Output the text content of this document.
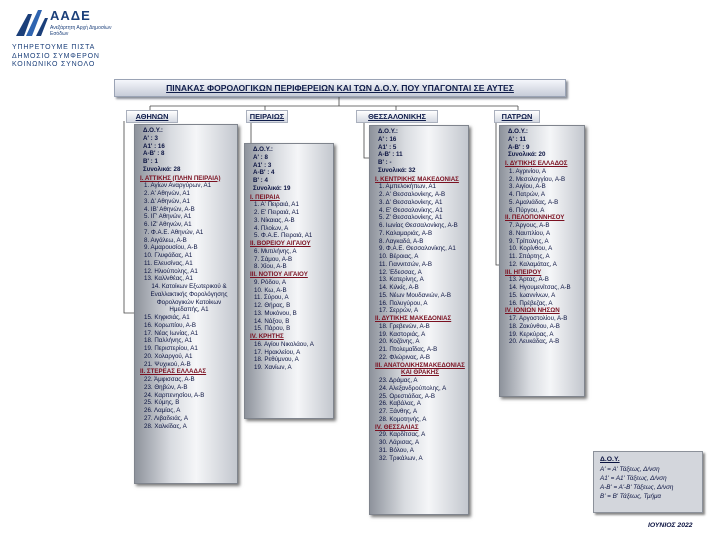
ΑΑΔΕ
Ανεξάρτητη Αρχή Δημοσίων Εσόδων
ΥΠΗΡΕΤΟΥΜΕ ΠΙΣΤΑ
ΔΗΜΟΣΙΟ ΣΥΜΦΕΡΟΝ
ΚΟΙΝΩΝΙΚΟ ΣΥΝΟΛΟ
ΠΙΝΑΚΑΣ ΦΟΡΟΛΟΓΙΚΩΝ ΠΕΡΙΦΕΡΕΙΩΝ ΚΑΙ ΤΩΝ Δ.Ο.Υ. ΠΟΥ ΥΠΑΓΟΝΤΑΙ ΣΕ ΑΥΤΕΣ
ΑΘΗΝΩΝ	ΠΕΙΡΑΙΩΣ	ΘΕΣΣΑΛΟΝΙΚΗΣ	ΠΑΤΡΩΝ
Δ.Ο.Υ.:
Α' : 3
Α1' : 16
Α-Β' : 8
Β' : 1
Συνολικά: 28
Ι. ΑΤΤΙΚΗΣ (ΠΛΗΝ ΠΕΙΡΑΙΑ)
1. Αγίων Αναργύρων, Α1
2. Α' Αθηνών, Α1
3. Δ' Αθηνών, Α1
4. ΙΒ' Αθηνών, Α-Β
5. ΙΓ' Αθηνών, Α1
6. ΙΖ' Αθηνών, Α1
7. Φ.Α.Ε. Αθηνών, Α1
8. Αιγάλεω, Α-Β
9. Αμαρουσίου, Α-Β
10. Γλυφάδας, Α1
11. Ελευσίνας, Α1
12. Ηλιούπολης, Α1
13. Καλλιθέας, Α1
14. Κατοίκων Εξωτερικού & Εναλλακτικής Φορολόγησης Φορολογικών Κατοίκων Ημεδαπής, Α1
15. Κηφισιάς, Α1
16. Κορωπίου, Α-Β
17. Νέας Ιωνίας, Α1
18. Παλλήνης, Α1
19. Περιστερίου, Α1
20. Χολαργού, Α1
21. Ψυχικού, Α-Β
ΙΙ. ΣΤΕΡΕΑΣ ΕΛΛΑΔΑΣ
22. Άμφισσας, Α-Β
23. Θηβών, Α-Β
24. Καρπενησίου, Α-Β
25. Κύμης, Β
26. Λαμίας, Α
27. Λιβαδειάς, Α
28. Χαλκίδας, Α
Δ.Ο.Υ.:
Α' : 8
Α1' : 3
Α-Β' : 4
Β' : 4
Συνολικά: 19
Ι. ΠΕΙΡΑΙΑ
1. Α' Πειραιά, Α1
2. Ε' Πειραιά, Α1
3. Νίκαιας, Α-Β
4. Πλοίων, Α
5. Φ.Α.Ε. Πειραιά, Α1
ΙΙ. ΒΟΡΕΙΟΥ ΑΙΓΑΙΟΥ
6. Μυτιλήνης, Α
7. Σάμου, Α-Β
8. Χίου, Α-Β
ΙΙΙ. ΝΟΤΙΟΥ ΑΙΓΑΙΟΥ
9. Ρόδου, Α
10. Κω, Α-Β
11. Σύρου, Α
12. Θήρας, Β
13. Μυκόνου, Β
14. Νάξου, Β
15. Πάρου, Β
ΙV. ΚΡΗΤΗΣ
16. Αγίου Νικολάου, Α
17. Ηρακλείου, Α
18. Ρεθύμνου, Α
19. Χανίων, Α
Δ.Ο.Υ.:
Α' : 16
Α1' : 5
Α-Β' : 11
Β' : -
Συνολικά: 32
Ι. ΚΕΝΤΡΙΚΗΣ ΜΑΚΕΔΟΝΙΑΣ
1. Αμπελοκήπων, Α1
2. Α' Θεσσαλονίκης, Α-Β
3. Δ' Θεσσαλονίκης, Α1
4. Ε' Θεσσαλονίκης, Α1
5. Ζ' Θεσσαλονίκης, Α1
6. Ιωνίας Θεσσαλονίκης, Α-Β
7. Καλαμαριάς, Α-Β
8. Λαγκαδά, Α-Β
9. Φ.Α.Ε. Θεσσαλονίκης, Α1
10. Βέροιας, Α
11. Γιαννιτσών, Α-Β
12. Έδεσσας, Α
13. Κατερίνης, Α
14. Κιλκίς, Α-Β
15. Νέων Μουδανιών, Α-Β
16. Πολυγύρου, Α
17. Σερρών, Α
ΙΙ. ΔΥΤΙΚΗΣ ΜΑΚΕΔΟΝΙΑΣ
18. Γρεβενών, Α-Β
19. Καστοριάς, Α
20. Κοζάνης, Α
21. Πτολεμαΐδας, Α-Β
22. Φλώρινας, Α-Β
ΙΙΙ. ΑΝΑΤΟΛΙΚΗΣΜΑΚΕΔΟΝΙΑΣ ΚΑΙ ΘΡΑΚΗΣ
23. Δράμας, Α
24. Αλεξανδρούπολης, Α
25. Ορεστιάδας, Α-Β
26. Καβάλας, Α
27. Ξάνθης, Α
28. Κομοτηνής, Α
ΙV. ΘΕΣΣΑΛΙΑΣ
29. Καρδίτσας, Α
30. Λάρισας, Α
31. Βόλου, Α
32. Τρικάλων, Α
Δ.Ο.Υ.:
Α' : 11
Α-Β' : 9
Συνολικά: 20
Ι. ΔΥΤΙΚΗΣ ΕΛΛΑΔΟΣ
1. Αγρινίου, Α
2. Μεσολογγίου, Α-Β
3. Αιγίου, Α-Β
4. Πατρών, Α
5. Αμαλιάδας, Α-Β
6. Πύργου, Α
ΙΙ. ΠΕΛΟΠΟΝΝΗΣΟΥ
7. Άργους, Α-Β
8. Ναυπλίου, Α
9. Τρίπολης, Α
10. Κορίνθου, Α
11. Σπάρτης, Α
12. Καλαμάτας, Α
ΙΙΙ. ΗΠΕΙΡΟΥ
13. Άρτας, Α-Β
14. Ηγουμενίτσας, Α-Β
15. Ιωαννίνων, Α
16. Πρέβεζας, Α
ΙV. ΙΟΝΙΩΝ ΝΗΣΩΝ
17. Αργοστολίου, Α-Β
18. Ζακύνθου, Α-Β
19. Κερκύρας, Α
20. Λευκάδας, Α-Β
Δ.Ο.Υ.
Α' = Α' Τάξεως, Δ/νση
Α1' = Α1' Τάξεως, Δ/νση
Α-Β' = Α'-Β' Τάξεως, Δ/νση
Β' = Β' Τάξεως, Τμήμα
ΙΟΥΝΙΟΣ 2022
